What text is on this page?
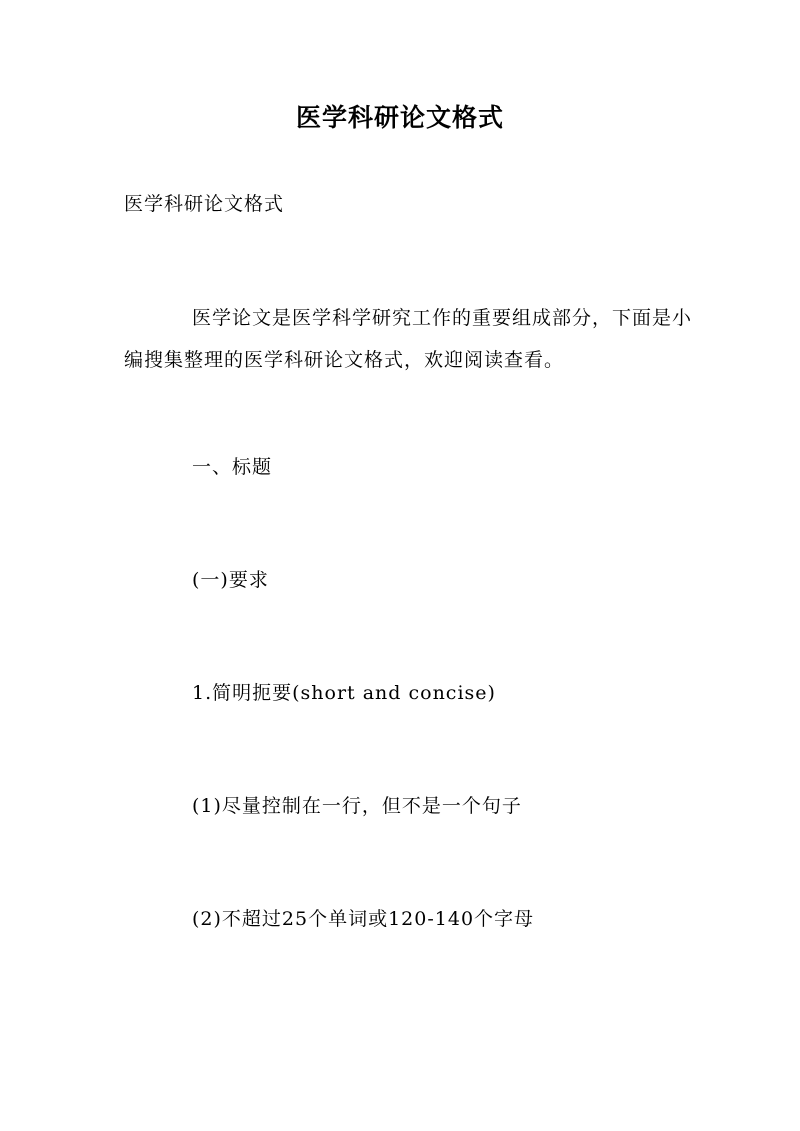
医学科研论文格式
医学科研论文格式
医学论文是医学科学研究工作的重要组成部分，下面是小编搜集整理的医学科研论文格式，欢迎阅读查看。
一、标题
(一)要求
1.简明扼要(short and concise)
(1)尽量控制在一行，但不是一个句子
(2)不超过25个单词或120-140个字母
